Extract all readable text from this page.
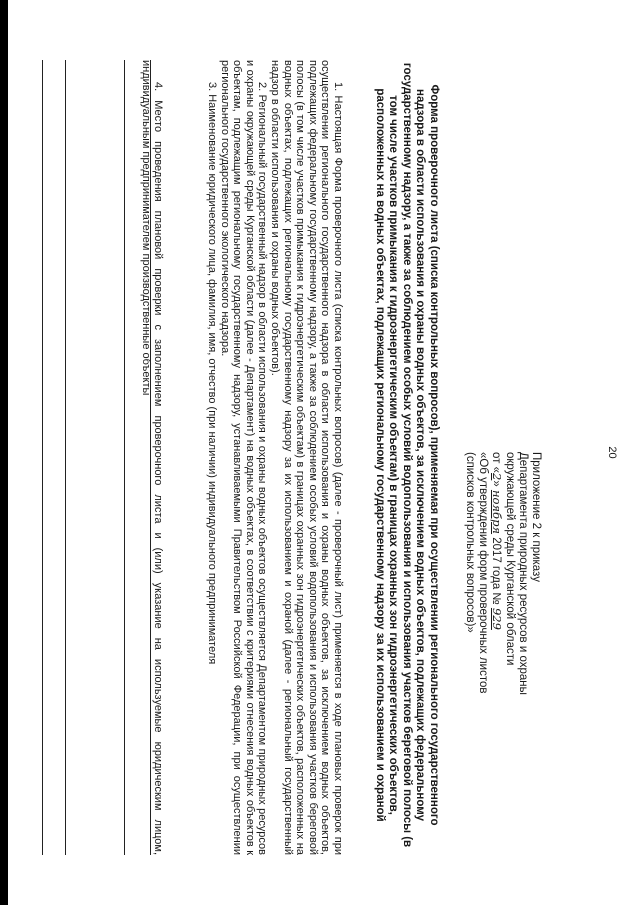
20
Приложение 2 к приказу
Департамента природных ресурсов и охраны
окружающей среды Курганской области
от «2» ноября 2017 года № 929
«Об утверждении форм проверочных листов
(списков контрольных вопросов)»
Форма проверочного листа (списка контрольных вопросов), применяемая при осуществлении регионального государственного надзора в области использования и охраны водных объектов, за исключением водных объектов, подлежащих федеральному государственному надзору, а также за соблюдением особых условий водопользования и использования участков береговой полосы (в том числе участков примыкания к гидроэнергетическим объектам) в границах охранных зон гидроэнергетических объектов, расположенных на водных объектах, подлежащих региональному государственному надзору за их использованием и охраной

1. Настоящая Форма проверочного листа (списка контрольных вопросов) (далее - проверочный лист) применяется в ходе плановых проверок при осуществлении регионального государственного надзора в области использования и охраны водных объектов, за исключением водных объектов, подлежащих федеральному государственному надзору, а также за соблюдением особых условий водопользования и использования участков береговой полосы (в том числе участков примыкания к гидроэнергетическим объектам) в границах охранных зон гидроэнергетических объектов, расположенных на водных объектах, подлежащих региональному государственному надзору за их использованием и охраной (далее - региональный государственный надзор в области использования и охраны водных объектов).

2. Региональный государственный надзор в области использования и охраны водных объектов осуществляется Департаментом природных ресурсов и охраны окружающей среды Курганской области (далее - Департамент) на водных объектах, в соответствии с критериями отнесения водных объектов к объектам, подлежащим региональному государственному надзору, устанавливаемыми Правительством Российской Федерации, при осуществлении регионального государственного экологического надзора.

3. Наименование юридического лица, фамилия, имя, отчество (при наличии) индивидуального предпринимателя

4. Место проведения плановой проверки с заполнением проверочного листа и (или) указание на используемые юридическим лицом, индивидуальным предпринимателем производственные объекты
